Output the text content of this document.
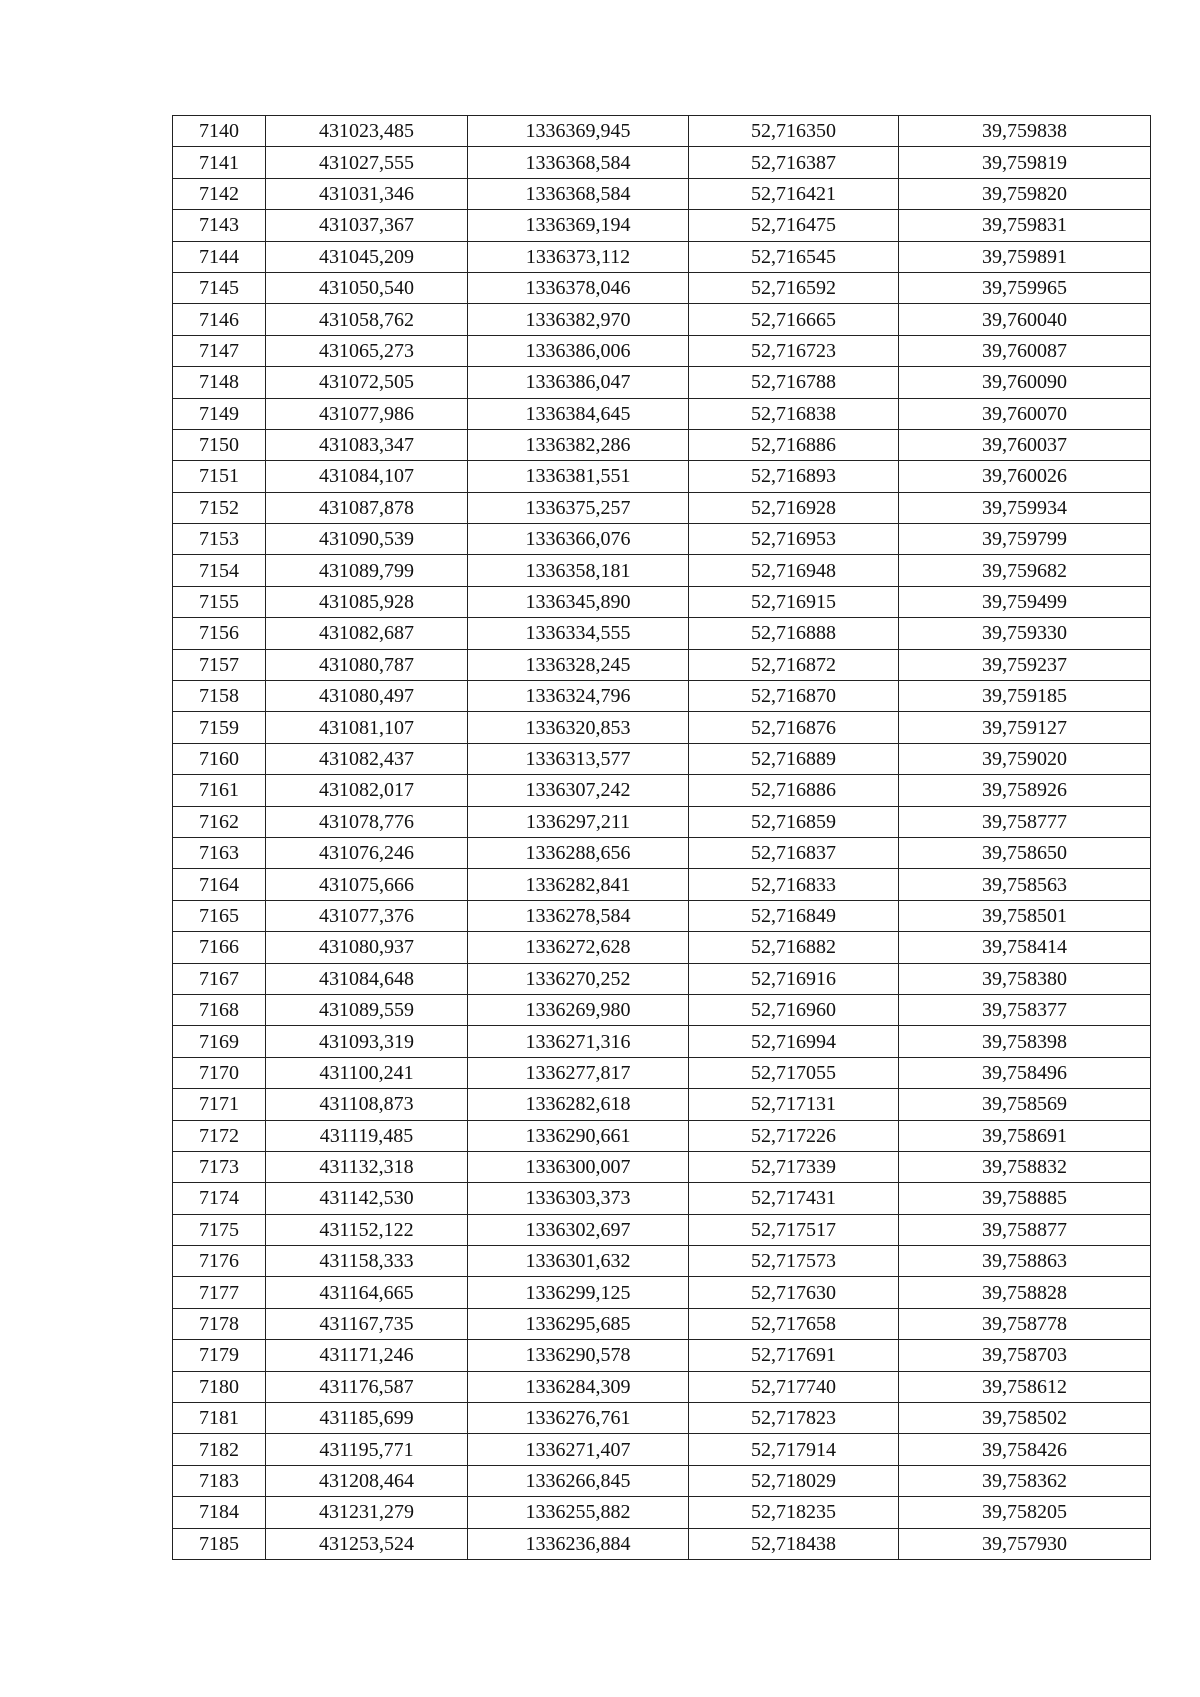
7140	431023,485	1336369,945	52,716350	39,759838
7141	431027,555	1336368,584	52,716387	39,759819
7142	431031,346	1336368,584	52,716421	39,759820
7143	431037,367	1336369,194	52,716475	39,759831
7144	431045,209	1336373,112	52,716545	39,759891
7145	431050,540	1336378,046	52,716592	39,759965
7146	431058,762	1336382,970	52,716665	39,760040
7147	431065,273	1336386,006	52,716723	39,760087
7148	431072,505	1336386,047	52,716788	39,760090
7149	431077,986	1336384,645	52,716838	39,760070
7150	431083,347	1336382,286	52,716886	39,760037
7151	431084,107	1336381,551	52,716893	39,760026
7152	431087,878	1336375,257	52,716928	39,759934
7153	431090,539	1336366,076	52,716953	39,759799
7154	431089,799	1336358,181	52,716948	39,759682
7155	431085,928	1336345,890	52,716915	39,759499
7156	431082,687	1336334,555	52,716888	39,759330
7157	431080,787	1336328,245	52,716872	39,759237
7158	431080,497	1336324,796	52,716870	39,759185
7159	431081,107	1336320,853	52,716876	39,759127
7160	431082,437	1336313,577	52,716889	39,759020
7161	431082,017	1336307,242	52,716886	39,758926
7162	431078,776	1336297,211	52,716859	39,758777
7163	431076,246	1336288,656	52,716837	39,758650
7164	431075,666	1336282,841	52,716833	39,758563
7165	431077,376	1336278,584	52,716849	39,758501
7166	431080,937	1336272,628	52,716882	39,758414
7167	431084,648	1336270,252	52,716916	39,758380
7168	431089,559	1336269,980	52,716960	39,758377
7169	431093,319	1336271,316	52,716994	39,758398
7170	431100,241	1336277,817	52,717055	39,758496
7171	431108,873	1336282,618	52,717131	39,758569
7172	431119,485	1336290,661	52,717226	39,758691
7173	431132,318	1336300,007	52,717339	39,758832
7174	431142,530	1336303,373	52,717431	39,758885
7175	431152,122	1336302,697	52,717517	39,758877
7176	431158,333	1336301,632	52,717573	39,758863
7177	431164,665	1336299,125	52,717630	39,758828
7178	431167,735	1336295,685	52,717658	39,758778
7179	431171,246	1336290,578	52,717691	39,758703
7180	431176,587	1336284,309	52,717740	39,758612
7181	431185,699	1336276,761	52,717823	39,758502
7182	431195,771	1336271,407	52,717914	39,758426
7183	431208,464	1336266,845	52,718029	39,758362
7184	431231,279	1336255,882	52,718235	39,758205
7185	431253,524	1336236,884	52,718438	39,757930
